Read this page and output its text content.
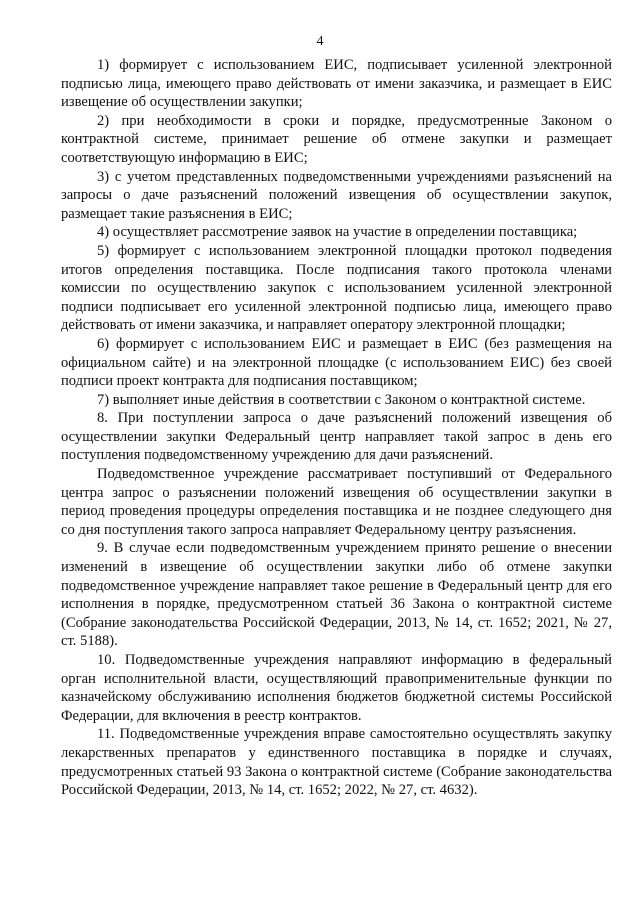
4

1) формирует с использованием ЕИС, подписывает усиленной электронной подписью лица, имеющего право действовать от имени заказчика, и размещает в ЕИС извещение об осуществлении закупки;

2) при необходимости в сроки и порядке, предусмотренные Законом о контрактной системе, принимает решение об отмене закупки и размещает соответствующую информацию в ЕИС;

3) с учетом представленных подведомственными учреждениями разъяснений на запросы о даче разъяснений положений извещения об осуществлении закупок, размещает такие разъяснения в ЕИС;

4) осуществляет рассмотрение заявок на участие в определении поставщика;

5) формирует с использованием электронной площадки протокол подведения итогов определения поставщика. После подписания такого протокола членами комиссии по осуществлению закупок с использованием усиленной электронной подписи подписывает его усиленной электронной подписью лица, имеющего право действовать от имени заказчика, и направляет оператору электронной площадки;

6) формирует с использованием ЕИС и размещает в ЕИС (без размещения на официальном сайте) и на электронной площадке (с использованием ЕИС) без своей подписи проект контракта для подписания поставщиком;

7) выполняет иные действия в соответствии с Законом о контрактной системе.

8. При поступлении запроса о даче разъяснений положений извещения об осуществлении закупки Федеральный центр направляет такой запрос в день его поступления подведомственному учреждению для дачи разъяснений.

Подведомственное учреждение рассматривает поступивший от Федерального центра запрос о разъяснении положений извещения об осуществлении закупки в период проведения процедуры определения поставщика и не позднее следующего дня со дня поступления такого запроса направляет Федеральному центру разъяснения.

9. В случае если подведомственным учреждением принято решение о внесении изменений в извещение об осуществлении закупки либо об отмене закупки подведомственное учреждение направляет такое решение в Федеральный центр для его исполнения в порядке, предусмотренном статьей 36 Закона о контрактной системе (Собрание законодательства Российской Федерации, 2013, № 14, ст. 1652; 2021, № 27, ст. 5188).

10. Подведомственные учреждения направляют информацию в федеральный орган исполнительной власти, осуществляющий правоприменительные функции по казначейскому обслуживанию исполнения бюджетов бюджетной системы Российской Федерации, для включения в реестр контрактов.

11. Подведомственные учреждения вправе самостоятельно осуществлять закупку лекарственных препаратов у единственного поставщика в порядке и случаях, предусмотренных статьей 93 Закона о контрактной системе (Собрание законодательства Российской Федерации, 2013, № 14, ст. 1652; 2022, № 27, ст. 4632).
